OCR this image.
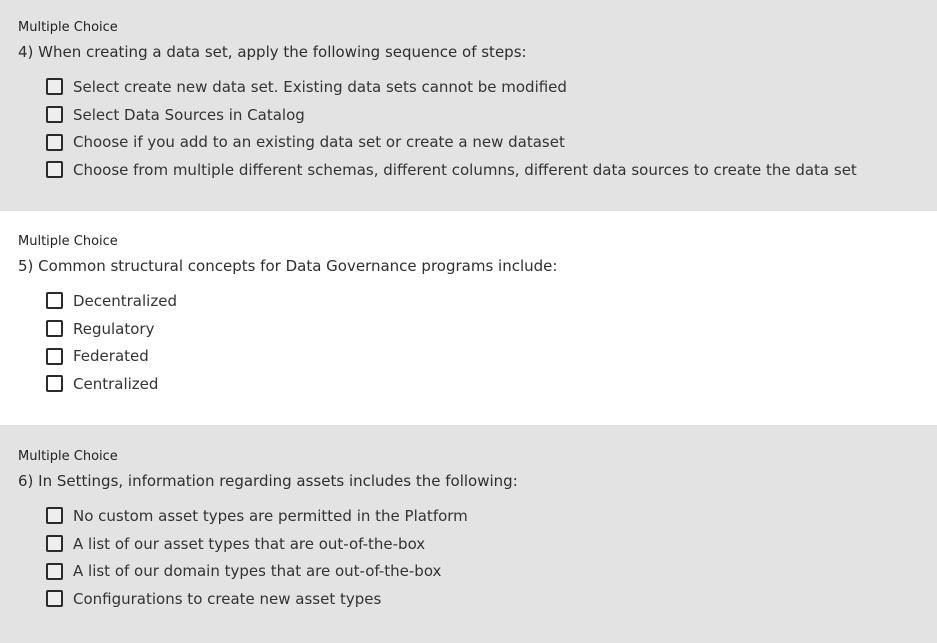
Multiple Choice
4) When creating a data set, apply the following sequence of steps:
Select create new data set. Existing data sets cannot be modified
Select Data Sources in Catalog
Choose if you add to an existing data set or create a new dataset
Choose from multiple different schemas, different columns, different data sources to create the data set
Multiple Choice
5) Common structural concepts for Data Governance programs include:
Decentralized
Regulatory
Federated
Centralized
Multiple Choice
6) In Settings, information regarding assets includes the following:
No custom asset types are permitted in the Platform
A list of our asset types that are out-of-the-box
A list of our domain types that are out-of-the-box
Configurations to create new asset types
